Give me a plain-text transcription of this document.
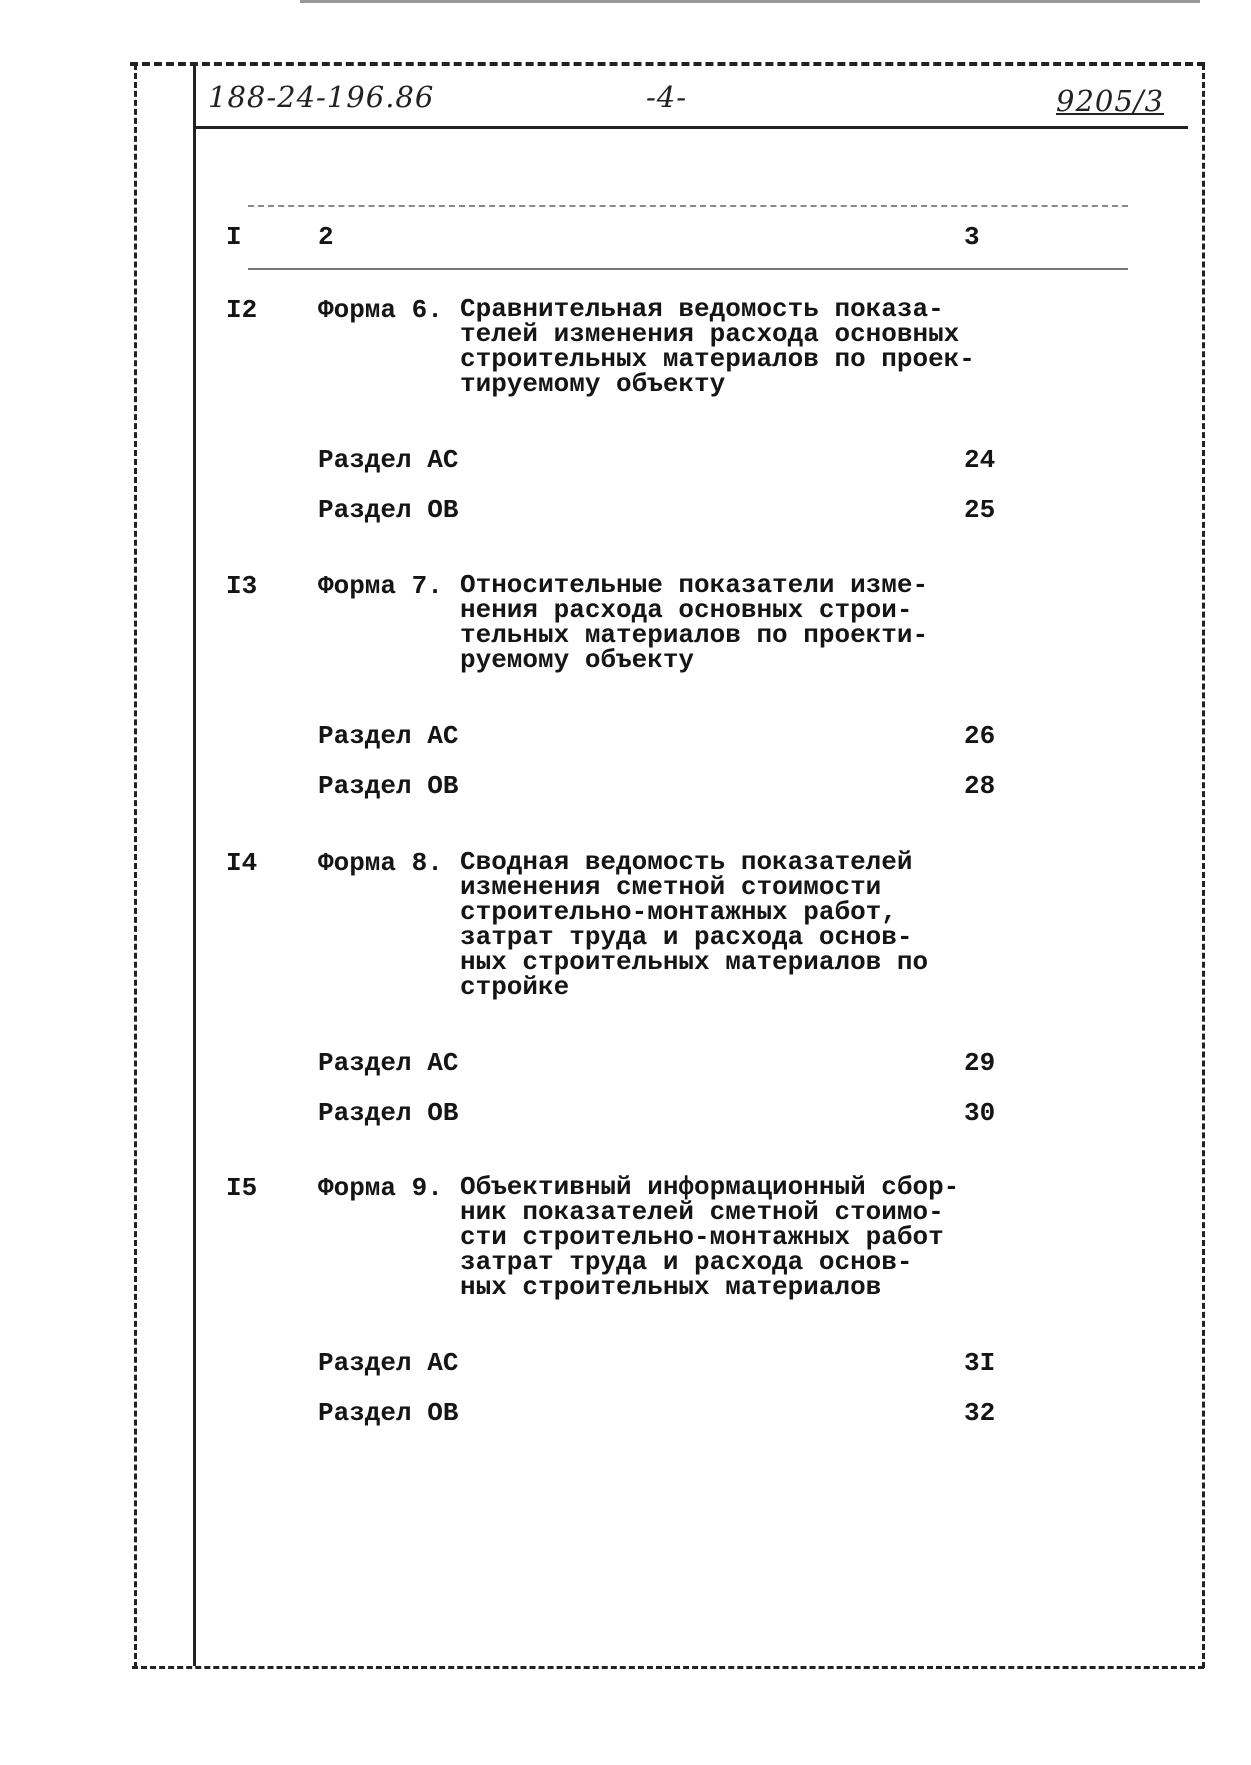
188-24-196.86	-4-	9205/3
I	2	3
I2 Форма 6. Сравнительная ведомость показа-
телей изменения расхода основных
строительных материалов по проек-
тируемому объекту
Раздел АС	24
Раздел ОВ	25
I3 Форма 7. Относительные показатели изме-
нения расхода основных строи-
тельных материалов по проекти-
руемому объекту
Раздел АС	26
Раздел ОВ	28
I4 Форма 8. Сводная ведомость показателей
изменения сметной стоимости
строительно-монтажных работ,
затрат труда и расхода основ-
ных строительных материалов по
стройке
Раздел АС	29
Раздел ОВ	30
I5 Форма 9. Объективный информационный сбор-
ник показателей сметной стоимо-
сти строительно-монтажных работ
затрат труда и расхода основ-
ных строительных материалов
Раздел АС	3I
Раздел ОВ	32
